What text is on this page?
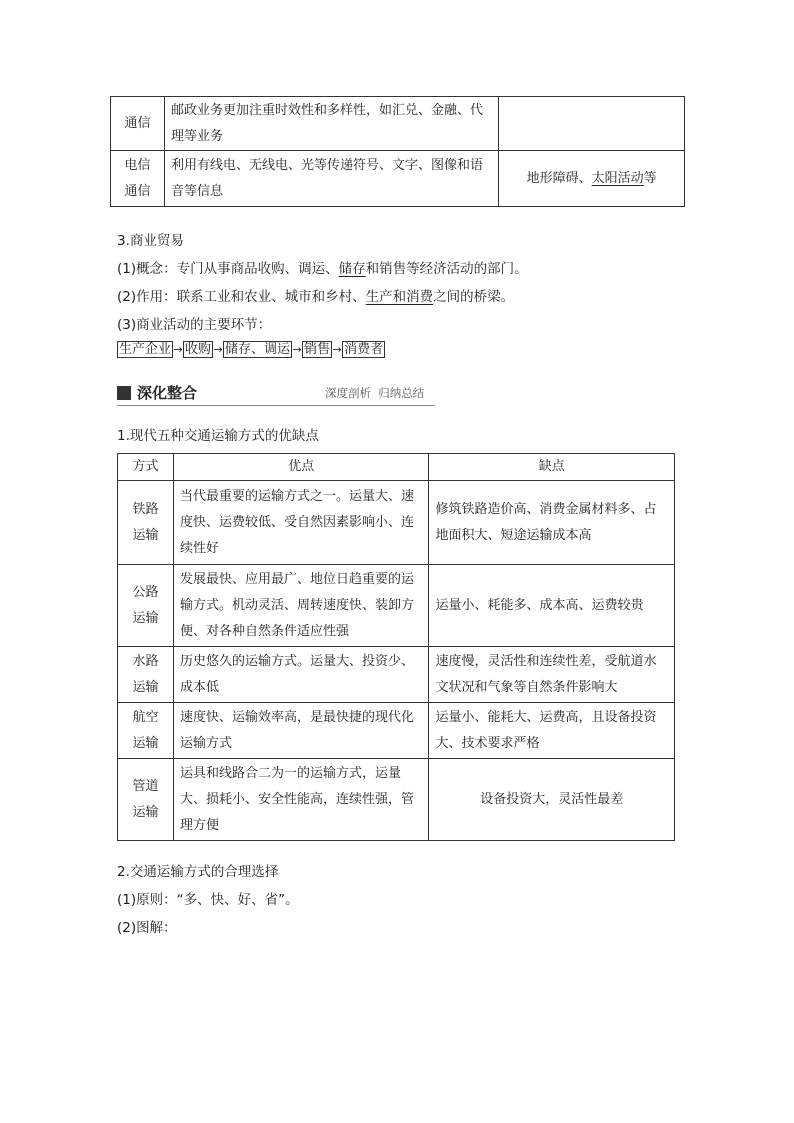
通信	邮政业务更加注重时效性和多样性，如汇兑、金融、代理等业务	

电信通信	利用有线电、无线电、光等传递符号、文字、图像和语音等信息	地形障碍、太阳活动等
3.商业贸易
(1)概念：专门从事商品收购、调运、储存和销售等经济活动的部门。
(2)作用：联系工业和农业、城市和乡村、生产和消费之间的桥梁。
(3)商业活动的主要环节：
生产企业 → 收购 → 储存、调运 → 销售 → 消费者
深化整合	深度剖析  归纳总结
1.现代五种交通运输方式的优缺点
方式	优点	缺点

铁路运输	当代最重要的运输方式之一。运量大、速度快、运费较低、受自然因素影响小、连续性好	修筑铁路造价高、消费金属材料多、占地面积大、短途运输成本高

公路运输	发展最快、应用最广、地位日趋重要的运输方式。机动灵活、周转速度快、装卸方便、对各种自然条件适应性强	运量小、耗能多、成本高、运费较贵

水路运输	历史悠久的运输方式。运量大、投资少、成本低	速度慢，灵活性和连续性差，受航道水文状况和气象等自然条件影响大

航空运输	速度快、运输效率高，是最快捷的现代化运输方式	运量小、能耗大、运费高，且设备投资大、技术要求严格

管道运输	运具和线路合二为一的运输方式，运量大、损耗小、安全性能高，连续性强，管理方便	设备投资大，灵活性最差
2.交通运输方式的合理选择
(1)原则：“多、快、好、省”。
(2)图解：
